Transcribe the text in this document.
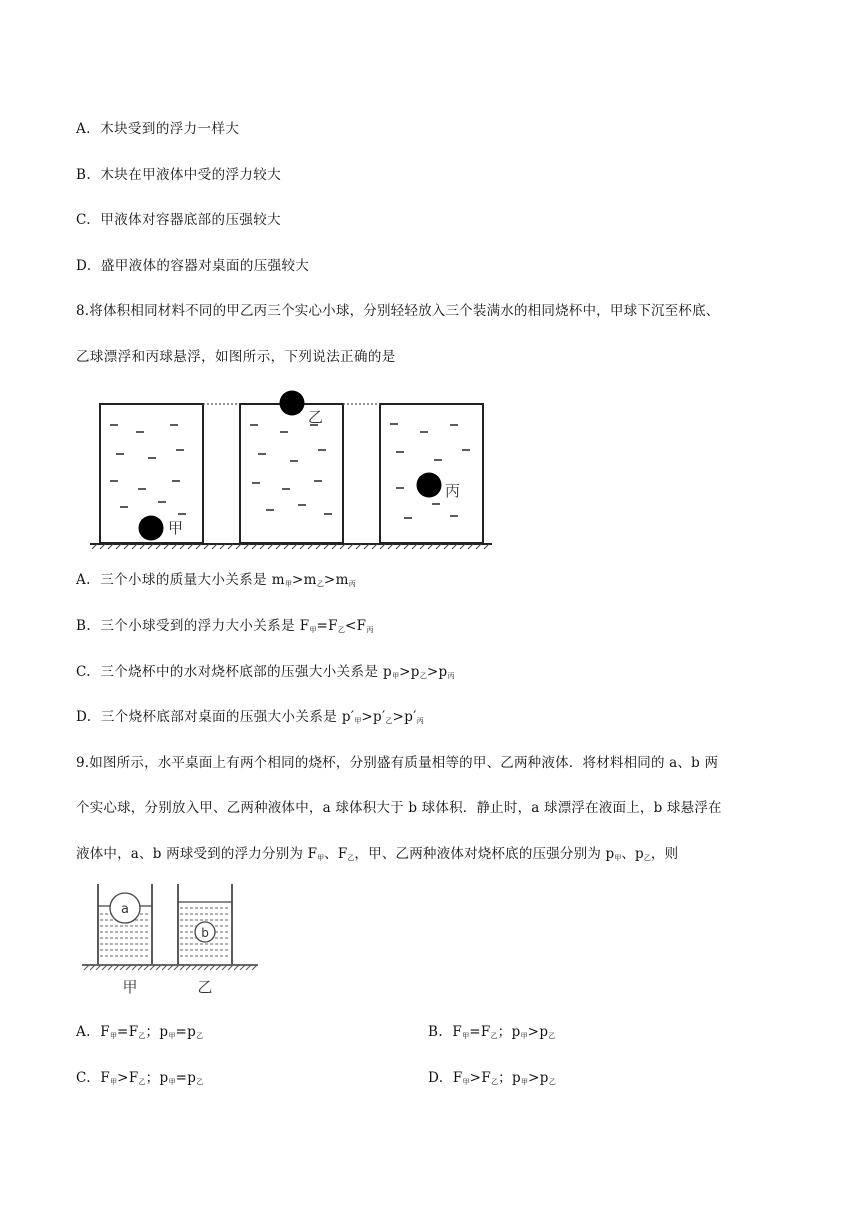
A. 木块受到的浮力一样大
B. 木块在甲液体中受的浮力较大
C. 甲液体对容器底部的压强较大
D. 盛甲液体的容器对桌面的压强较大
8.将体积相同材料不同的甲乙丙三个实心小球，分别轻轻放入三个装满水的相同烧杯中，甲球下沉至杯底、
乙球漂浮和丙球悬浮，如图所示，下列说法正确的是
甲
乙
丙
A. 三个小球的质量大小关系是 $m_甲>m_乙>m_丙$
B. 三个小球受到的浮力大小关系是 $F_甲=F_乙<F_丙$
C. 三个烧杯中的水对烧杯底部的压强大小关系是 $p_甲>p_乙>p_丙$
D. 三个烧杯底部对桌面的压强大小关系是 $p'_甲>p'_乙>p'_丙$
9.如图所示，水平桌面上有两个相同的烧杯，分别盛有质量相等的甲、乙两种液体．将材料相同的 a、b 两
个实心球，分别放入甲、乙两种液体中，a 球体积大于 b 球体积．静止时，a 球漂浮在液面上，b 球悬浮在
液体中，a、b 两球受到的浮力分别为 $F_甲$、$F_乙$，甲、乙两种液体对烧杯底的压强分别为 $p_甲$、$p_乙$，则
a
b
甲	乙
A. $F_甲=F_乙$；$p_甲=p_乙$	B. $F_甲=F_乙$；$p_甲>p_乙$
C. $F_甲>F_乙$；$p_甲=p_乙$	D. $F_甲>F_乙$；$p_甲>p_乙$
